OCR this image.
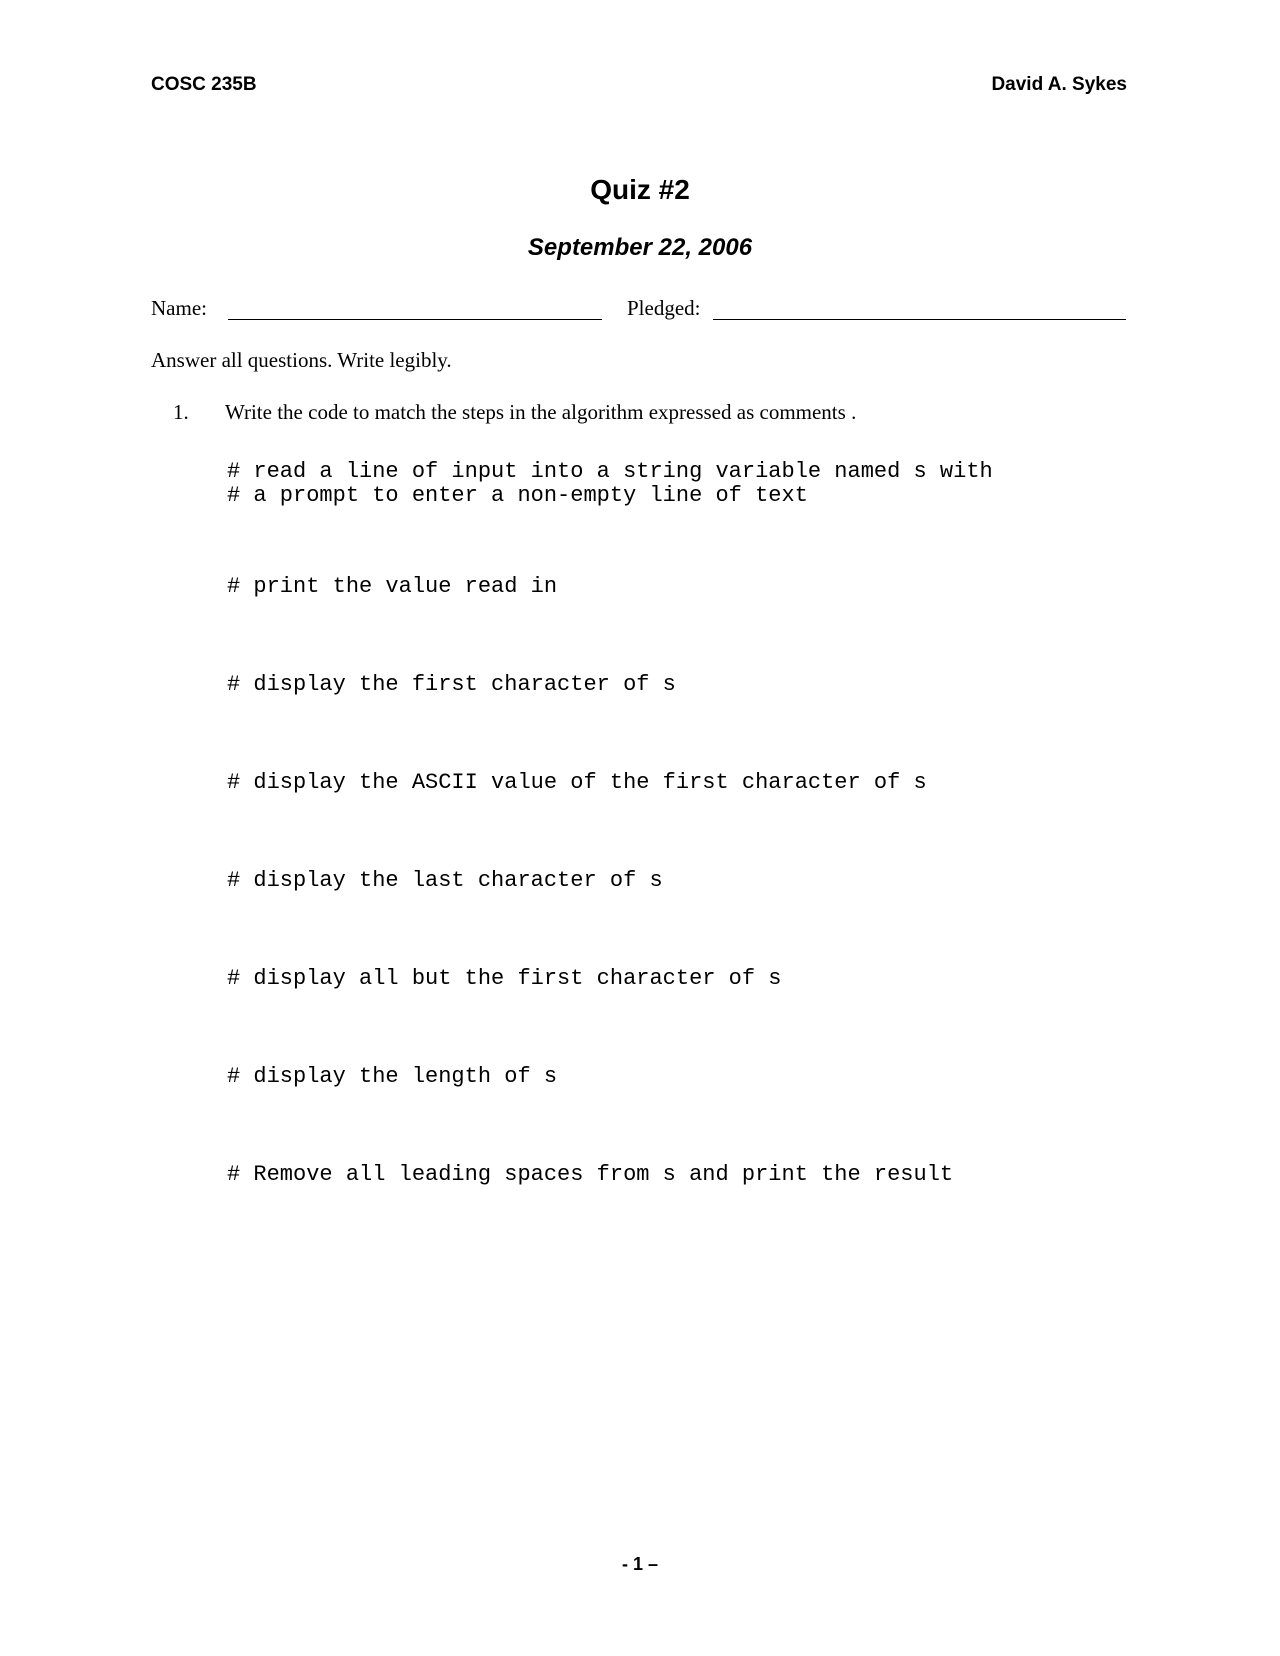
COSC 235B	David A. Sykes
Quiz #2
September 22, 2006
Name:	Pledged:
Answer all questions. Write legibly.
1. Write the code to match the steps in the algorithm expressed as comments .
# read a line of input into a string variable named s with
# a prompt to enter a non-empty line of text
# print the value read in
# display the first character of s
# display the ASCII value of the first character of s
# display the last character of s
# display all but the first character of s
# display the length of s
# Remove all leading spaces from s and print the result
- 1 –
